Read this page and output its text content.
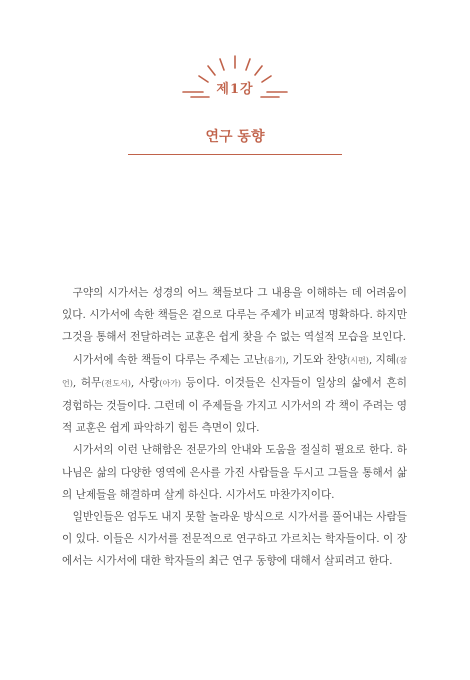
제1강
연구 동향

구약의 시가서는 성경의 어느 책들보다 그 내용을 이해하는 데 어려움이 있다. 시가서에 속한 책들은 겉으로 다루는 주제가 비교적 명확하다. 하지만 그것을 통해서 전달하려는 교훈은 쉽게 찾을 수 없는 역설적 모습을 보인다.

시가서에 속한 책들이 다루는 주제는 고난(욥기), 기도와 찬양(시편), 지혜(잠언), 허무(전도서), 사랑(아가) 등이다. 이것들은 신자들이 일상의 삶에서 흔히 경험하는 것들이다. 그런데 이 주제들을 가지고 시가서의 각 책이 주려는 영적 교훈은 쉽게 파악하기 힘든 측면이 있다.

시가서의 이런 난해함은 전문가의 안내와 도움을 절실히 필요로 한다. 하나님은 삶의 다양한 영역에 은사를 가진 사람들을 두시고 그들을 통해서 삶의 난제들을 해결하며 살게 하신다. 시가서도 마찬가지이다.

일반인들은 엄두도 내지 못할 놀라운 방식으로 시가서를 풀어내는 사람들이 있다. 이들은 시가서를 전문적으로 연구하고 가르치는 학자들이다. 이 장에서는 시가서에 대한 학자들의 최근 연구 동향에 대해서 살피려고 한다.
